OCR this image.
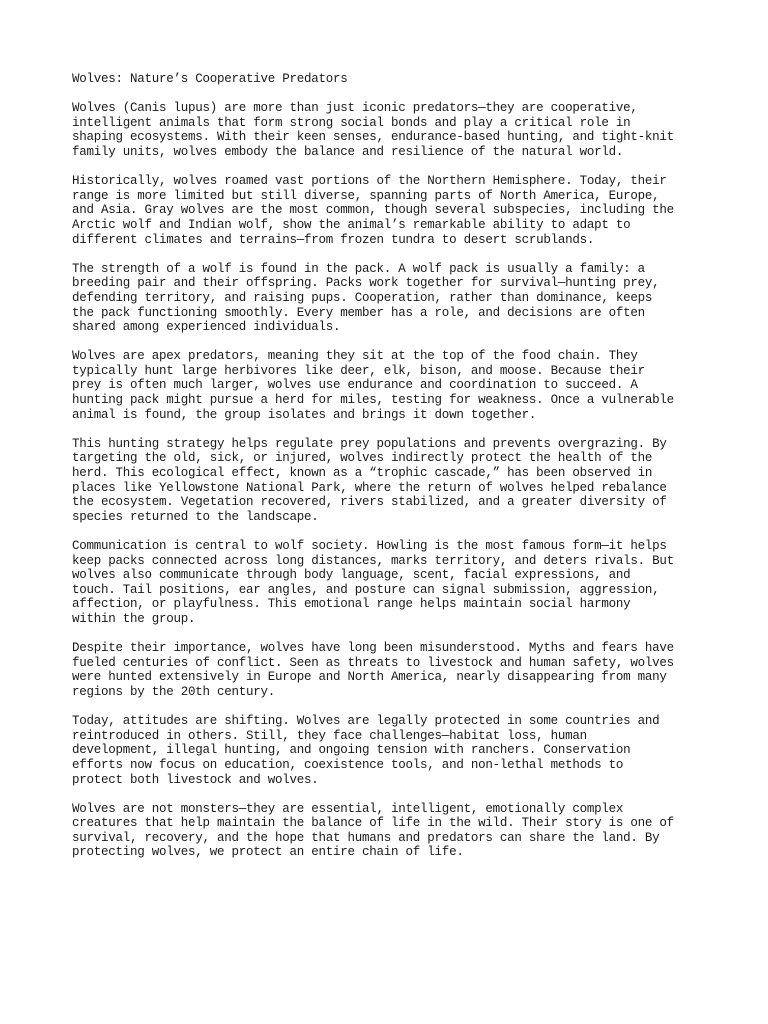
Wolves: Nature’s Cooperative Predators

Wolves (Canis lupus) are more than just iconic predators—they are cooperative,
intelligent animals that form strong social bonds and play a critical role in
shaping ecosystems. With their keen senses, endurance-based hunting, and tight-knit
family units, wolves embody the balance and resilience of the natural world.

Historically, wolves roamed vast portions of the Northern Hemisphere. Today, their
range is more limited but still diverse, spanning parts of North America, Europe,
and Asia. Gray wolves are the most common, though several subspecies, including the
Arctic wolf and Indian wolf, show the animal’s remarkable ability to adapt to
different climates and terrains—from frozen tundra to desert scrublands.

The strength of a wolf is found in the pack. A wolf pack is usually a family: a
breeding pair and their offspring. Packs work together for survival—hunting prey,
defending territory, and raising pups. Cooperation, rather than dominance, keeps
the pack functioning smoothly. Every member has a role, and decisions are often
shared among experienced individuals.

Wolves are apex predators, meaning they sit at the top of the food chain. They
typically hunt large herbivores like deer, elk, bison, and moose. Because their
prey is often much larger, wolves use endurance and coordination to succeed. A
hunting pack might pursue a herd for miles, testing for weakness. Once a vulnerable
animal is found, the group isolates and brings it down together.

This hunting strategy helps regulate prey populations and prevents overgrazing. By
targeting the old, sick, or injured, wolves indirectly protect the health of the
herd. This ecological effect, known as a “trophic cascade,” has been observed in
places like Yellowstone National Park, where the return of wolves helped rebalance
the ecosystem. Vegetation recovered, rivers stabilized, and a greater diversity of
species returned to the landscape.

Communication is central to wolf society. Howling is the most famous form—it helps
keep packs connected across long distances, marks territory, and deters rivals. But
wolves also communicate through body language, scent, facial expressions, and
touch. Tail positions, ear angles, and posture can signal submission, aggression,
affection, or playfulness. This emotional range helps maintain social harmony
within the group.

Despite their importance, wolves have long been misunderstood. Myths and fears have
fueled centuries of conflict. Seen as threats to livestock and human safety, wolves
were hunted extensively in Europe and North America, nearly disappearing from many
regions by the 20th century.

Today, attitudes are shifting. Wolves are legally protected in some countries and
reintroduced in others. Still, they face challenges—habitat loss, human
development, illegal hunting, and ongoing tension with ranchers. Conservation
efforts now focus on education, coexistence tools, and non-lethal methods to
protect both livestock and wolves.

Wolves are not monsters—they are essential, intelligent, emotionally complex
creatures that help maintain the balance of life in the wild. Their story is one of
survival, recovery, and the hope that humans and predators can share the land. By
protecting wolves, we protect an entire chain of life.
